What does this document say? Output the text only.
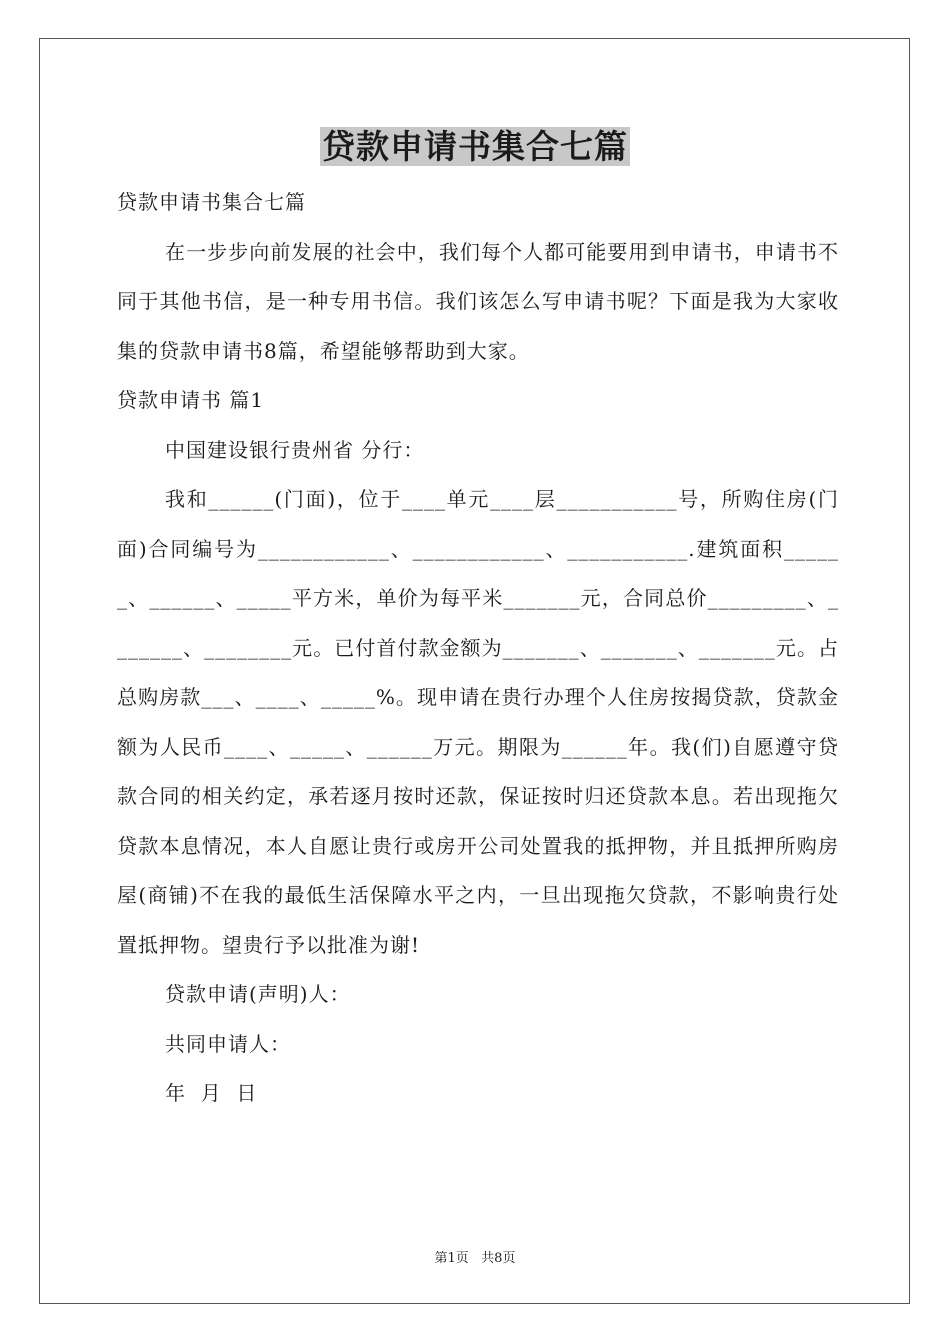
贷款申请书集合七篇

贷款申请书集合七篇

在一步步向前发展的社会中，我们每个人都可能要用到申请书，申请书不同于其他书信，是一种专用书信。我们该怎么写申请书呢？下面是我为大家收集的贷款申请书8篇，希望能够帮助到大家。

贷款申请书 篇1

中国建设银行贵州省 分行：

我和______(门面)，位于____单元____层___________号，所购住房(门面)合同编号为____________、____________、___________.建筑面积______、______、_____平方米，单价为每平米_______元，合同总价_________、_______、________元。已付首付款金额为_______、_______、_______元。占总购房款___、____、_____%。现申请在贵行办理个人住房按揭贷款，贷款金额为人民币____、_____、______万元。期限为______年。我(们)自愿遵守贷款合同的相关约定，承若逐月按时还款，保证按时归还贷款本息。若出现拖欠贷款本息情况，本人自愿让贵行或房开公司处置我的抵押物，并且抵押所购房屋(商铺)不在我的最低生活保障水平之内，一旦出现拖欠贷款，不影响贵行处置抵押物。望贵行予以批准为谢!

贷款申请(声明)人：

共同申请人：

年  月  日

第1页   共8页
